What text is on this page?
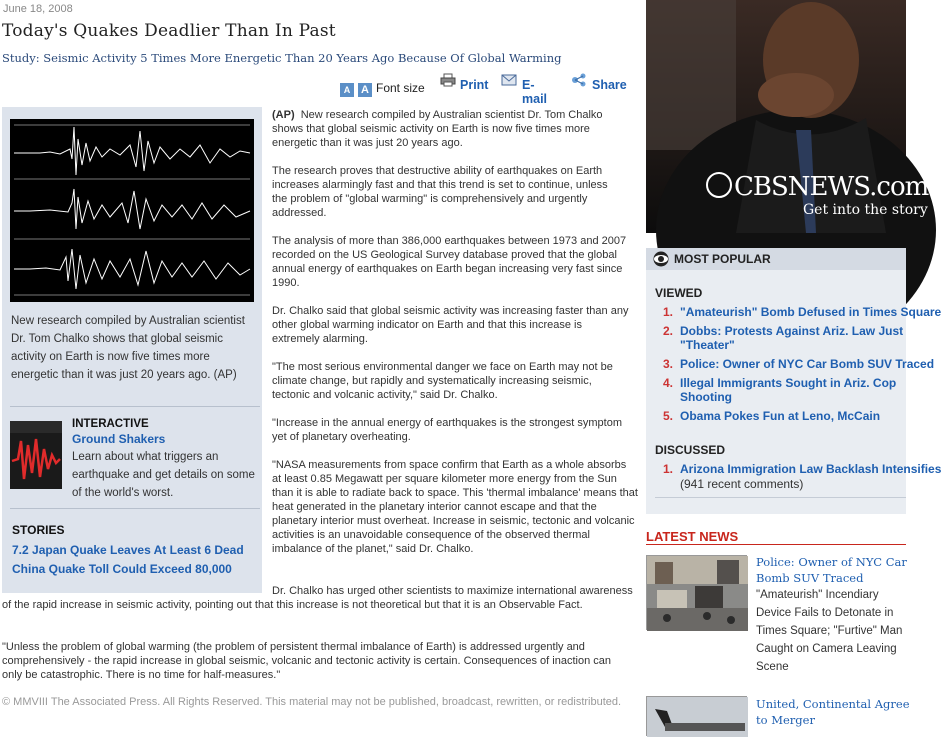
June 18, 2008
Today's Quakes Deadlier Than In Past
Study: Seismic Activity 5 Times More Energetic Than 20 Years Ago Because Of Global Warming
A A Font size	Print	E-mail
Share
New research compiled by Australian scientist Dr. Tom Chalko shows that global seismic activity on Earth is now five times more energetic than it was just 20 years ago. (AP)
INTERACTIVE
Ground Shakers
Learn about what triggers an earthquake and get details on some of the world's worst.
STORIES
7.2 Japan Quake Leaves At Least 6 Dead
China Quake Toll Could Exceed 80,000
(AP) New research compiled by Australian scientist Dr. Tom Chalko shows that global seismic activity on Earth is now five times more energetic than it was just 20 years ago.
The research proves that destructive ability of earthquakes on Earth increases alarmingly fast and that this trend is set to continue, unless the problem of "global warming" is comprehensively and urgently addressed.
The analysis of more than 386,000 earthquakes between 1973 and 2007 recorded on the US Geological Survey database proved that the global annual energy of earthquakes on Earth began increasing very fast since 1990.
Dr. Chalko said that global seismic activity was increasing faster than any other global warming indicator on Earth and that this increase is extremely alarming.
"The most serious environmental danger we face on Earth may not be climate change, but rapidly and systematically increasing seismic, tectonic and volcanic activity," said Dr. Chalko.
"Increase in the annual energy of earthquakes is the strongest symptom yet of planetary overheating.
"NASA measurements from space confirm that Earth as a whole absorbs at least 0.85 Megawatt per square kilometer more energy from the Sun than it is able to radiate back to space. This 'thermal imbalance' means that heat generated in the planetary interior cannot escape and that the planetary interior must overheat. Increase in seismic, tectonic and volcanic activities is an unavoidable consequence of the observed thermal imbalance of the planet," said Dr. Chalko.
Dr. Chalko has urged other scientists to maximize international awareness of the rapid increase in seismic activity, pointing out that this increase is not theoretical but that it is an Observable Fact.
"Unless the problem of global warming (the problem of persistent thermal imbalance of Earth) is addressed urgently and comprehensively - the rapid increase in global seismic, volcanic and tectonic activity is certain. Consequences of inaction can only be catastrophic. There is no time for half-measures."
© MMVIII The Associated Press. All Rights Reserved. This material may not be published, broadcast, rewritten, or redistributed.
CBSNEWS.com
Get into the story
MOST POPULAR
VIEWED
1. "Amateurish" Bomb Defused in Times Square
2. Dobbs: Protests Against Ariz. Law Just
"Theater"
3. Police: Owner of NYC Car Bomb SUV Traced
4. Illegal Immigrants Sought in Ariz. Cop
Shooting
5. Obama Pokes Fun at Leno, McCain
DISCUSSED
1. Arizona Immigration Law Backlash Intensifies
(941 recent comments)
LATEST NEWS
Police: Owner of NYC Car Bomb SUV Traced
"Amateurish" Incendiary Device Fails to Detonate in Times Square; "Furtive" Man Caught on Camera Leaving Scene
United, Continental Agree to Merger
